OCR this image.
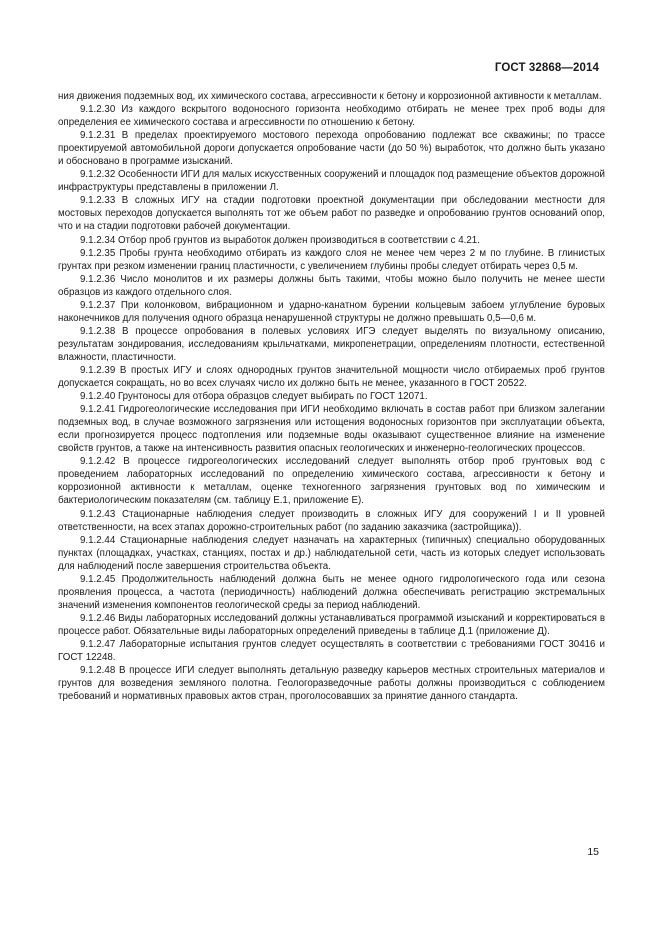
ГОСТ 32868—2014

ния движения подземных вод, их химического состава, агрессивности к бетону и коррозионной активности к металлам.

9.1.2.30 Из каждого вскрытого водоносного горизонта необходимо отбирать не менее трех проб воды для определения ее химического состава и агрессивности по отношению к бетону.

9.1.2.31 В пределах проектируемого мостового перехода опробованию подлежат все скважины; по трассе проектируемой автомобильной дороги допускается опробование части (до 50 %) выработок, что должно быть указано и обосновано в программе изысканий.

9.1.2.32 Особенности ИГИ для малых искусственных сооружений и площадок под размещение объектов дорожной инфраструктуры представлены в приложении Л.

9.1.2.33 В сложных ИГУ на стадии подготовки проектной документации при обследовании местности для мостовых переходов допускается выполнять тот же объем работ по разведке и опробованию грунтов оснований опор, что и на стадии подготовки рабочей документации.

9.1.2.34 Отбор проб грунтов из выработок должен производиться в соответствии с 4.21.

9.1.2.35 Пробы грунта необходимо отбирать из каждого слоя не менее чем через 2 м по глубине. В глинистых грунтах при резком изменении границ пластичности, с увеличением глубины пробы следует отбирать через 0,5 м.

9.1.2.36 Число монолитов и их размеры должны быть такими, чтобы можно было получить не менее шести образцов из каждого отдельного слоя.

9.1.2.37 При колонковом, вибрационном и ударно-канатном бурении кольцевым забоем углубление буровых наконечников для получения одного образца ненарушенной структуры не должно превышать 0,5—0,6 м.

9.1.2.38 В процессе опробования в полевых условиях ИГЭ следует выделять по визуальному описанию, результатам зондирования, исследованиям крыльчатками, микропенетрации, определениям плотности, естественной влажности, пластичности.

9.1.2.39 В простых ИГУ и слоях однородных грунтов значительной мощности число отбираемых проб грунтов допускается сокращать, но во всех случаях число их должно быть не менее, указанного в ГОСТ 20522.

9.1.2.40 Грунтоносы для отбора образцов следует выбирать по ГОСТ 12071.

9.1.2.41 Гидрогеологические исследования при ИГИ необходимо включать в состав работ при близком залегании подземных вод, в случае возможного загрязнения или истощения водоносных горизонтов при эксплуатации объекта, если прогнозируется процесс подтопления или подземные воды оказывают существенное влияние на изменение свойств грунтов, а также на интенсивность развития опасных геологических и инженерно-геологических процессов.

9.1.2.42 В процессе гидрогеологических исследований следует выполнять отбор проб грунтовых вод с проведением лабораторных исследований по определению химического состава, агрессивности к бетону и коррозионной активности к металлам, оценке техногенного загрязнения грунтовых вод по химическим и бактериологическим показателям (см. таблицу Е.1, приложение Е).

9.1.2.43 Стационарные наблюдения следует производить в сложных ИГУ для сооружений I и II уровней ответственности, на всех этапах дорожно-строительных работ (по заданию заказчика (застройщика)).

9.1.2.44 Стационарные наблюдения следует назначать на характерных (типичных) специально оборудованных пунктах (площадках, участках, станциях, постах и др.) наблюдательной сети, часть из которых следует использовать для наблюдений после завершения строительства объекта.

9.1.2.45 Продолжительность наблюдений должна быть не менее одного гидрологического года или сезона проявления процесса, а частота (периодичность) наблюдений должна обеспечивать регистрацию экстремальных значений изменения компонентов геологической среды за период наблюдений.

9.1.2.46 Виды лабораторных исследований должны устанавливаться программой изысканий и корректироваться в процессе работ. Обязательные виды лабораторных определений приведены в таблице Д.1 (приложение Д).

9.1.2.47 Лабораторные испытания грунтов следует осуществлять в соответствии с требованиями ГОСТ 30416 и ГОСТ 12248.

9.1.2.48 В процессе ИГИ следует выполнять детальную разведку карьеров местных строительных материалов и грунтов для возведения земляного полотна. Геологоразведочные работы должны производиться с соблюдением требований и нормативных правовых актов стран, проголосовавших за принятие данного стандарта.

15
